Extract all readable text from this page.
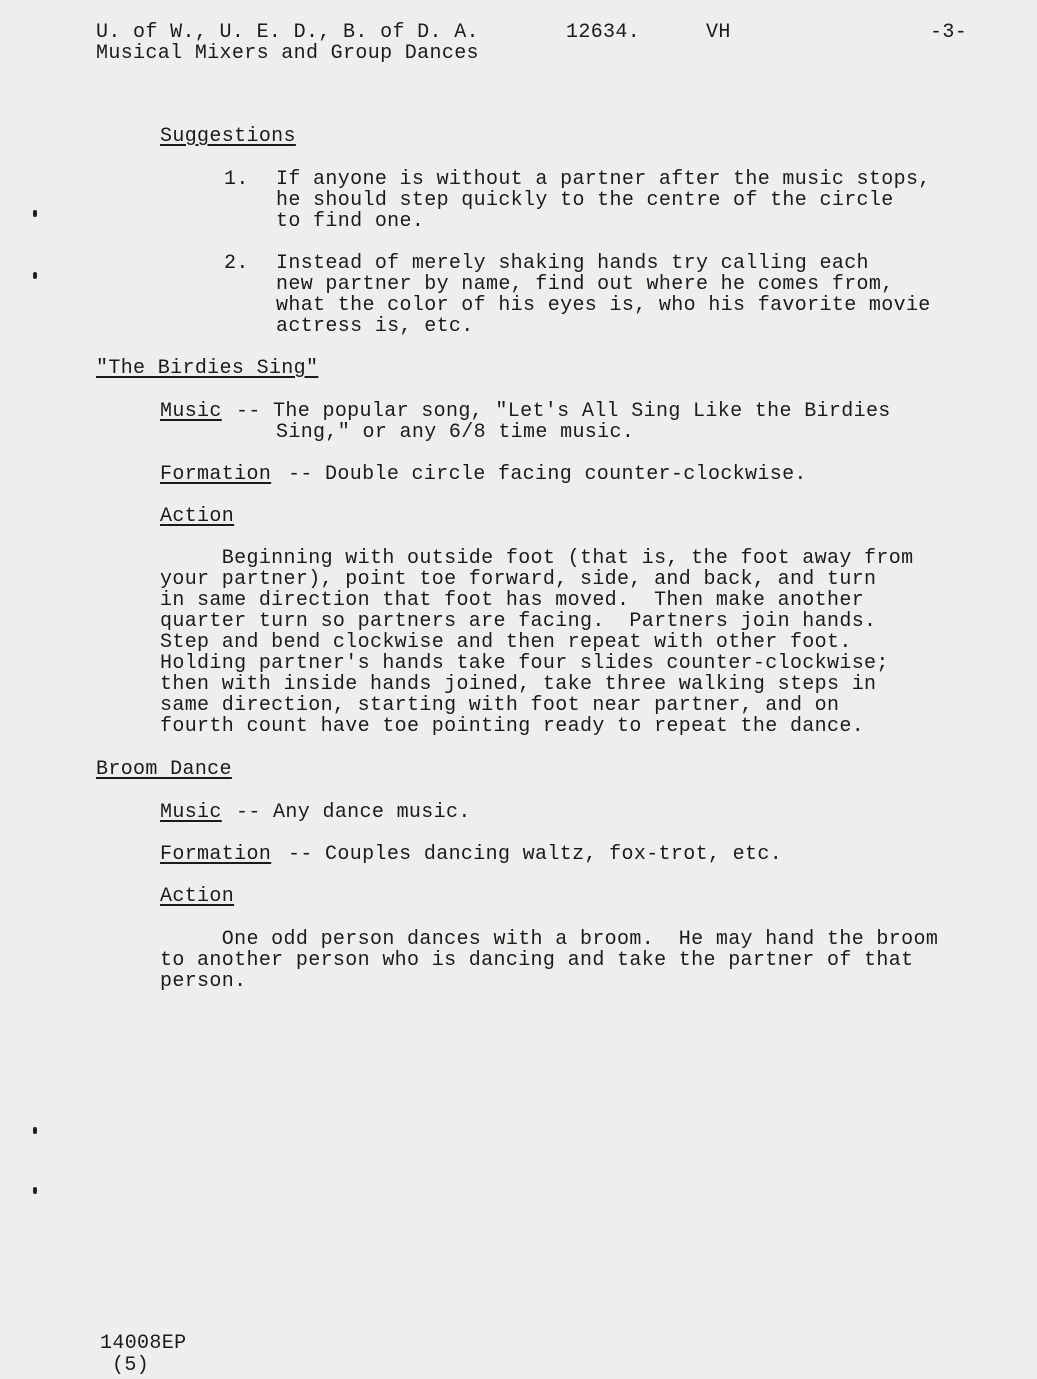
U. of W., U. E. D., B. of D. A.	12634.	VH	-3-
Musical Mixers and Group Dances
Suggestions
1. If anyone is without a partner after the music stops,
he should step quickly to the centre of the circle
to find one.
2. Instead of merely shaking hands try calling each
new partner by name, find out where he comes from,
what the color of his eyes is, who his favorite movie
actress is, etc.
"The Birdies Sing"
Music -- The popular song, "Let's All Sing Like the Birdies
Sing," or any 6/8 time music.
Formation -- Double circle facing counter-clockwise.
Action
Beginning with outside foot (that is, the foot away from
your partner), point toe forward, side, and back, and turn
in same direction that foot has moved.  Then make another
quarter turn so partners are facing.  Partners join hands.
Step and bend clockwise and then repeat with other foot.
Holding partner's hands take four slides counter-clockwise;
then with inside hands joined, take three walking steps in
same direction, starting with foot near partner, and on
fourth count have toe pointing ready to repeat the dance.
Broom Dance
Music -- Any dance music.
Formation -- Couples dancing waltz, fox-trot, etc.
Action
One odd person dances with a broom.  He may hand the broom
to another person who is dancing and take the partner of that
person.
14008EP
(5)
